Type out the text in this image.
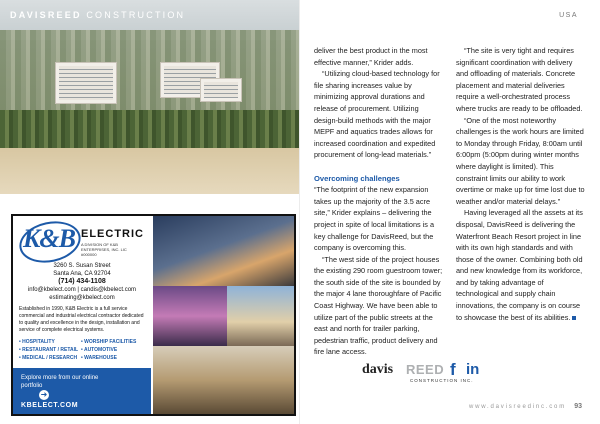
DAVISREED CONSTRUCTION
K&B ELECTRIC
A DIVISION OF K&B ENTERPRISES, INC. LIC #000000
3260 S. Susan Street
Santa Ana, CA 92704
(714) 434-1108
info@kbelect.com | candis@kbelect.com
estimating@kbelect.com
Established in 1990, K&B Electric is a full service commercial and industrial electrical contractor dedicated to quality and excellence in the design, installation and service of complete electrical systems.
• HOSPITALITY	• WORSHIP FACILITIES
• RESTAURANT / RETAIL • AUTOMOTIVE
• MEDICAL / RESEARCH • WAREHOUSE
Explore more from our online portfolio
➜
KBELECT.COM
USA

deliver the best product in the most effective manner,” Krider adds.

“Utilizing cloud-based technology for file sharing increases value by minimizing approval durations and release of procurement. Utilizing design-build methods with the major MEPF and aquatics trades allows for increased coordination and expedited procurement of long-lead materials.”

Overcoming challenges

“The footprint of the new expansion takes up the majority of the 3.5 acre site,” Krider explains – delivering the project in spite of local limitations is a key challenge for DavisReed, but the company is overcoming this.

“The west side of the project houses the existing 290 room guestroom tower; the south side of the site is bounded by the major 4 lane thoroughfare of Pacific Coast Highway. We have been able to utilize part of the public streets at the east and north for trailer parking, pedestrian traffic, product delivery and fire lane access.

“The site is very tight and requires significant coordination with delivery and offloading of materials. Concrete placement and material deliveries require a well-orchestrated process where trucks are ready to be offloaded.

“One of the most noteworthy challenges is the work hours are limited to Monday through Friday, 8:00am until 6:00pm (5:00pm during winter months where daylight is limited). This constraint limits our ability to work overtime or make up for time lost due to weather and/or material delays.”

Having leveraged all the assets at its disposal, DavisReed is delivering the Waterfront Beach Resort project in line with its own high standards and with those of the owner. Combining both old and new knowledge from its workforce, and by taking advantage of technological and supply chain innovations, the company is on course to showcase the best of its abilities.

davis REED
CONSTRUCTION INC.
f in
www.davisreedinc.com 93
